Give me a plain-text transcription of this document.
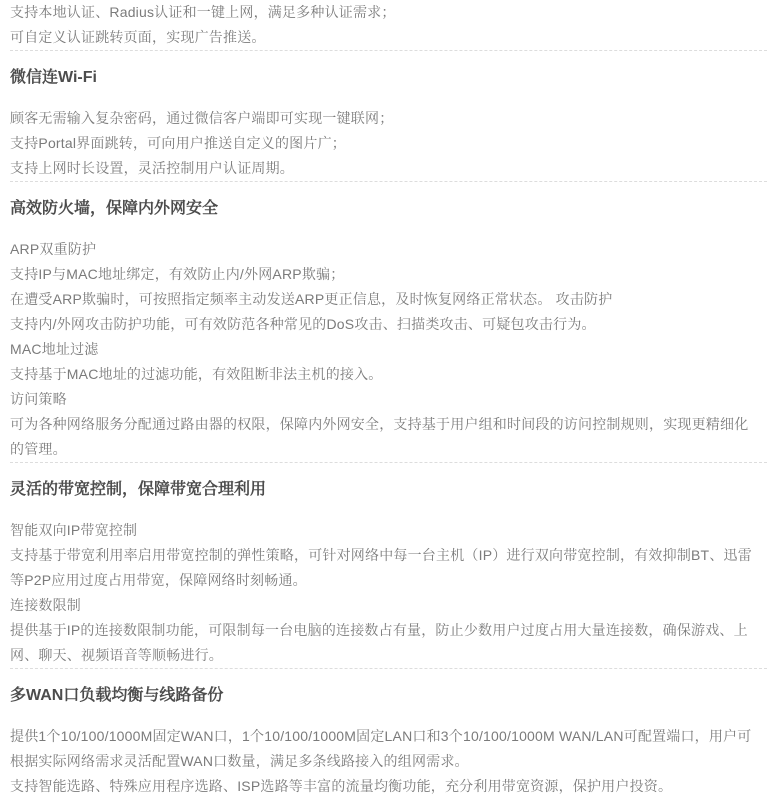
支持本地认证、Radius认证和一键上网，满足多种认证需求；

可自定义认证跳转页面，实现广告推送。

微信连Wi-Fi

顾客无需输入复杂密码，通过微信客户端即可实现一键联网；

支持Portal界面跳转，可向用户推送自定义的图片广；

支持上网时长设置，灵活控制用户认证周期。

高效防火墙，保障内外网安全

ARP双重防护

支持IP与MAC地址绑定，有效防止内/外网ARP欺骗；

在遭受ARP欺骗时，可按照指定频率主动发送ARP更正信息，及时恢复网络正常状态。 攻击防护

支持内/外网攻击防护功能，可有效防范各种常见的DoS攻击、扫描类攻击、可疑包攻击行为。

MAC地址过滤

支持基于MAC地址的过滤功能，有效阻断非法主机的接入。

访问策略

可为各种网络服务分配通过路由器的权限，保障内外网安全，支持基于用户组和时间段的访问控制规则，实现更精细化的管理。

灵活的带宽控制，保障带宽合理利用

智能双向IP带宽控制

支持基于带宽利用率启用带宽控制的弹性策略，可针对网络中每一台主机（IP）进行双向带宽控制，有效抑制BT、迅雷等P2P应用过度占用带宽，保障网络时刻畅通。

连接数限制

提供基于IP的连接数限制功能，可限制每一台电脑的连接数占有量，防止少数用户过度占用大量连接数，确保游戏、上网、聊天、视频语音等顺畅进行。

多WAN口负载均衡与线路备份

提供1个10/100/1000M固定WAN口，1个10/100/1000M固定LAN口和3个10/100/1000M WAN/LAN可配置端口，用户可根据实际网络需求灵活配置WAN口数量，满足多条线路接入的组网需求。

支持智能选路、特殊应用程序选路、ISP选路等丰富的流量均衡功能，充分利用带宽资源，保护用户投资。
